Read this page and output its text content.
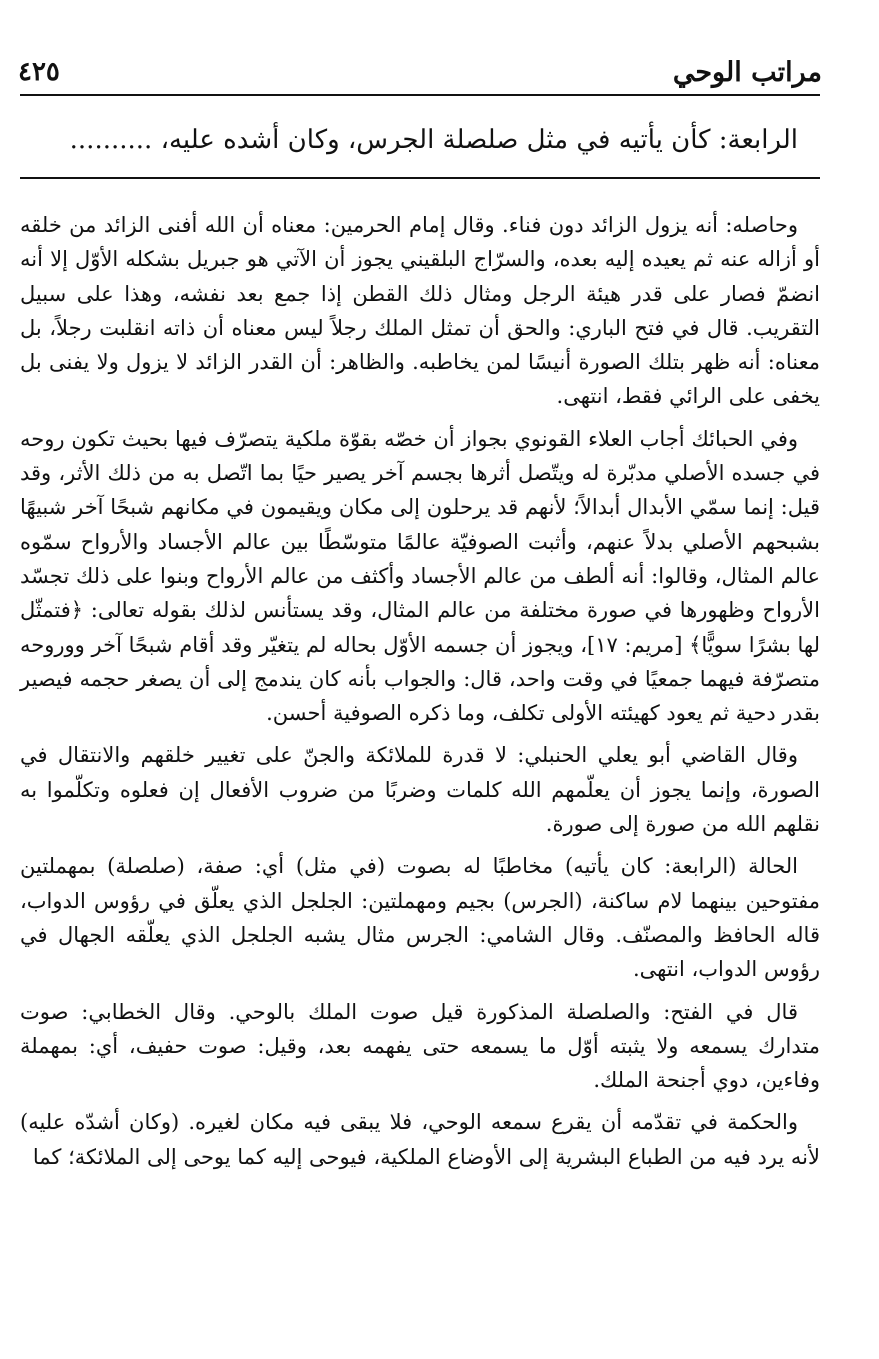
مراتب الوحي
٤٢٥
الرابعة: كأن يأتيه في مثل صلصلة الجرس، وكان أشده عليه، ..........

وحاصله: أنه يزول الزائد دون فناء. وقال إمام الحرمين: معناه أن الله أفنى الزائد من خلقه أو أزاله عنه ثم يعيده إليه بعده، والسرّاج البلقيني يجوز أن الآتي هو جبريل بشكله الأوّل إلا أنه انضمّ فصار على قدر هيئة الرجل ومثال ذلك القطن إذا جمع بعد نفشه، وهذا على سبيل التقريب. قال في فتح الباري: والحق أن تمثل الملك رجلاً ليس معناه أن ذاته انقلبت رجلاً، بل معناه: أنه ظهر بتلك الصورة أنيسًا لمن يخاطبه. والظاهر: أن القدر الزائد لا يزول ولا يفنى بل يخفى على الرائي فقط، انتهى.

وفي الحبائك أجاب العلاء القونوي بجواز أن خصّه بقوّة ملكية يتصرّف فيها بحيث تكون روحه في جسده الأصلي مدبّرة له ويتّصل أثرها بجسم آخر يصير حيًا بما اتّصل به من ذلك الأثر، وقد قيل: إنما سمّي الأبدال أبدالاً؛ لأنهم قد يرحلون إلى مكان ويقيمون في مكانهم شبحًا آخر شبيهًا بشبحهم الأصلي بدلاً عنهم، وأثبت الصوفيّة عالمًا متوسّطًا بين عالم الأجساد والأرواح سمّوه عالم المثال، وقالوا: أنه ألطف من عالم الأجساد وأكثف من عالم الأرواح وبنوا على ذلك تجسّد الأرواح وظهورها في صورة مختلفة من عالم المثال، وقد يستأنس لذلك بقوله تعالى: ﴿فتمثّل لها بشرًا سويًّا﴾ [مريم: ١٧]، ويجوز أن جسمه الأوّل بحاله لم يتغيّر وقد أقام شبحًا آخر ووروحه متصرّفة فيهما جمعيًا في وقت واحد، قال: والجواب بأنه كان يندمج إلى أن يصغر حجمه فيصير بقدر دحية ثم يعود كهيئته الأولى تكلف، وما ذكره الصوفية أحسن.

وقال القاضي أبو يعلي الحنبلي: لا قدرة للملائكة والجنّ على تغيير خلقهم والانتقال في الصورة، وإنما يجوز أن يعلّمهم الله كلمات وضربًا من ضروب الأفعال إن فعلوه وتكلّموا به نقلهم الله من صورة إلى صورة.

الحالة (الرابعة: كان يأتيه) مخاطبًا له بصوت (في مثل) أي: صفة، (صلصلة) بمهملتين مفتوحين بينهما لام ساكنة، (الجرس) بجيم ومهملتين: الجلجل الذي يعلّق في رؤوس الدواب، قاله الحافظ والمصنّف. وقال الشامي: الجرس مثال يشبه الجلجل الذي يعلّقه الجهال في رؤوس الدواب، انتهى.

قال في الفتح: والصلصلة المذكورة قيل صوت الملك بالوحي. وقال الخطابي: صوت متدارك يسمعه ولا يثبته أوّل ما يسمعه حتى يفهمه بعد، وقيل: صوت حفيف، أي: بمهملة وفاءين، دوي أجنحة الملك.

والحكمة في تقدّمه أن يقرع سمعه الوحي، فلا يبقى فيه مكان لغيره. (وكان أشدّه عليه) لأنه يرد فيه من الطباع البشرية إلى الأوضاع الملكية، فيوحى إليه كما يوحى إلى الملائكة؛ كما
